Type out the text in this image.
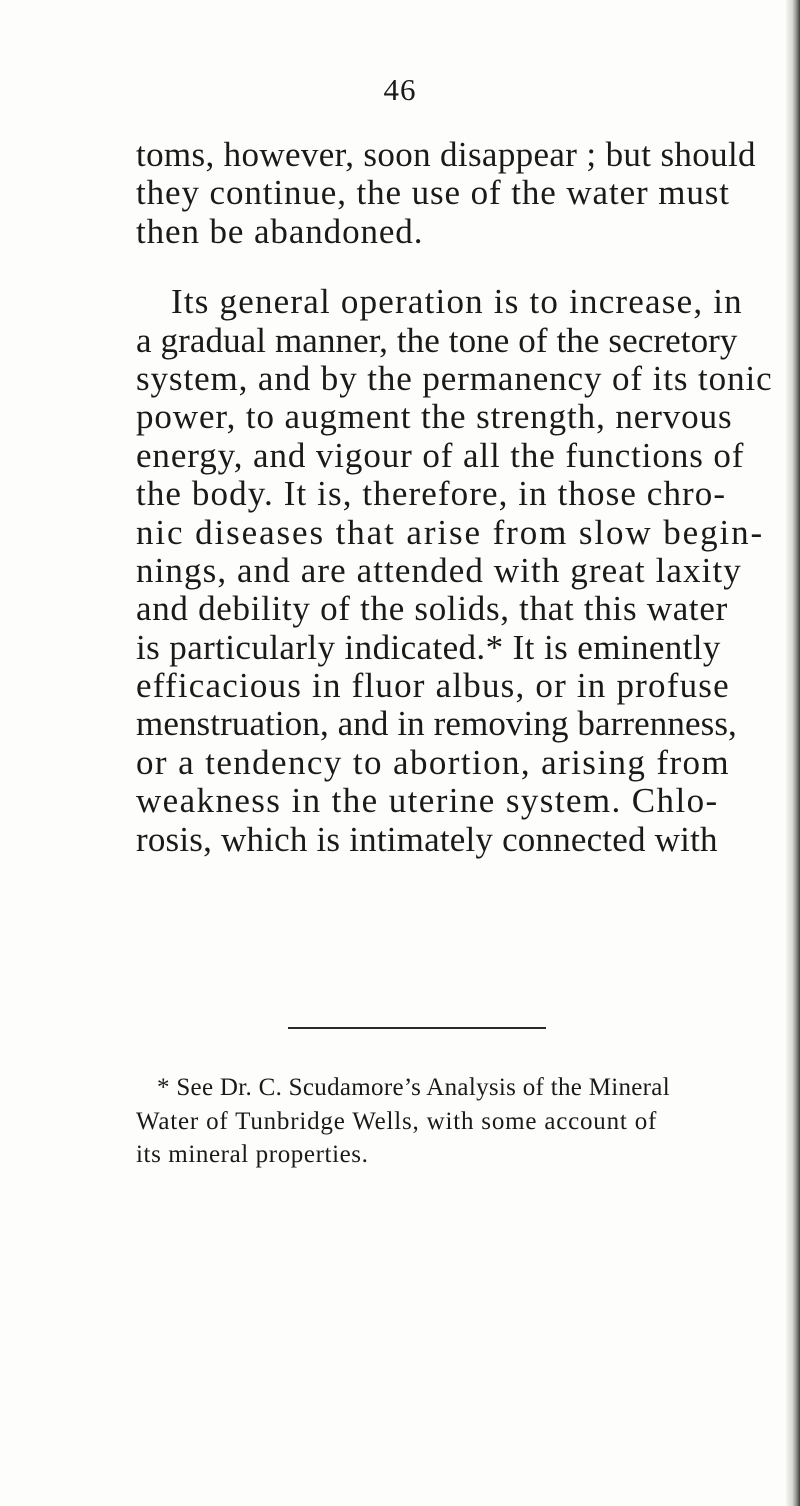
46
toms, however, soon disappear ; but should
they continue, the use of the water must
then be abandoned.
Its general operation is to increase, in
a gradual manner, the tone of the secretory
system, and by the permanency of its tonic
power, to augment the strength, nervous
energy, and vigour of all the functions of
the body. It is, therefore, in those chro-
nic diseases that arise from slow begin-
nings, and are attended with great laxity
and debility of the solids, that this water
is particularly indicated.* It is eminently
efficacious in fluor albus, or in profuse
menstruation, and in removing barrenness,
or a tendency to abortion, arising from
weakness in the uterine system. Chlo-
rosis, which is intimately connected with
* See Dr. C. Scudamore’s Analysis of the Mineral
Water of Tunbridge Wells, with some account of
its mineral properties.
